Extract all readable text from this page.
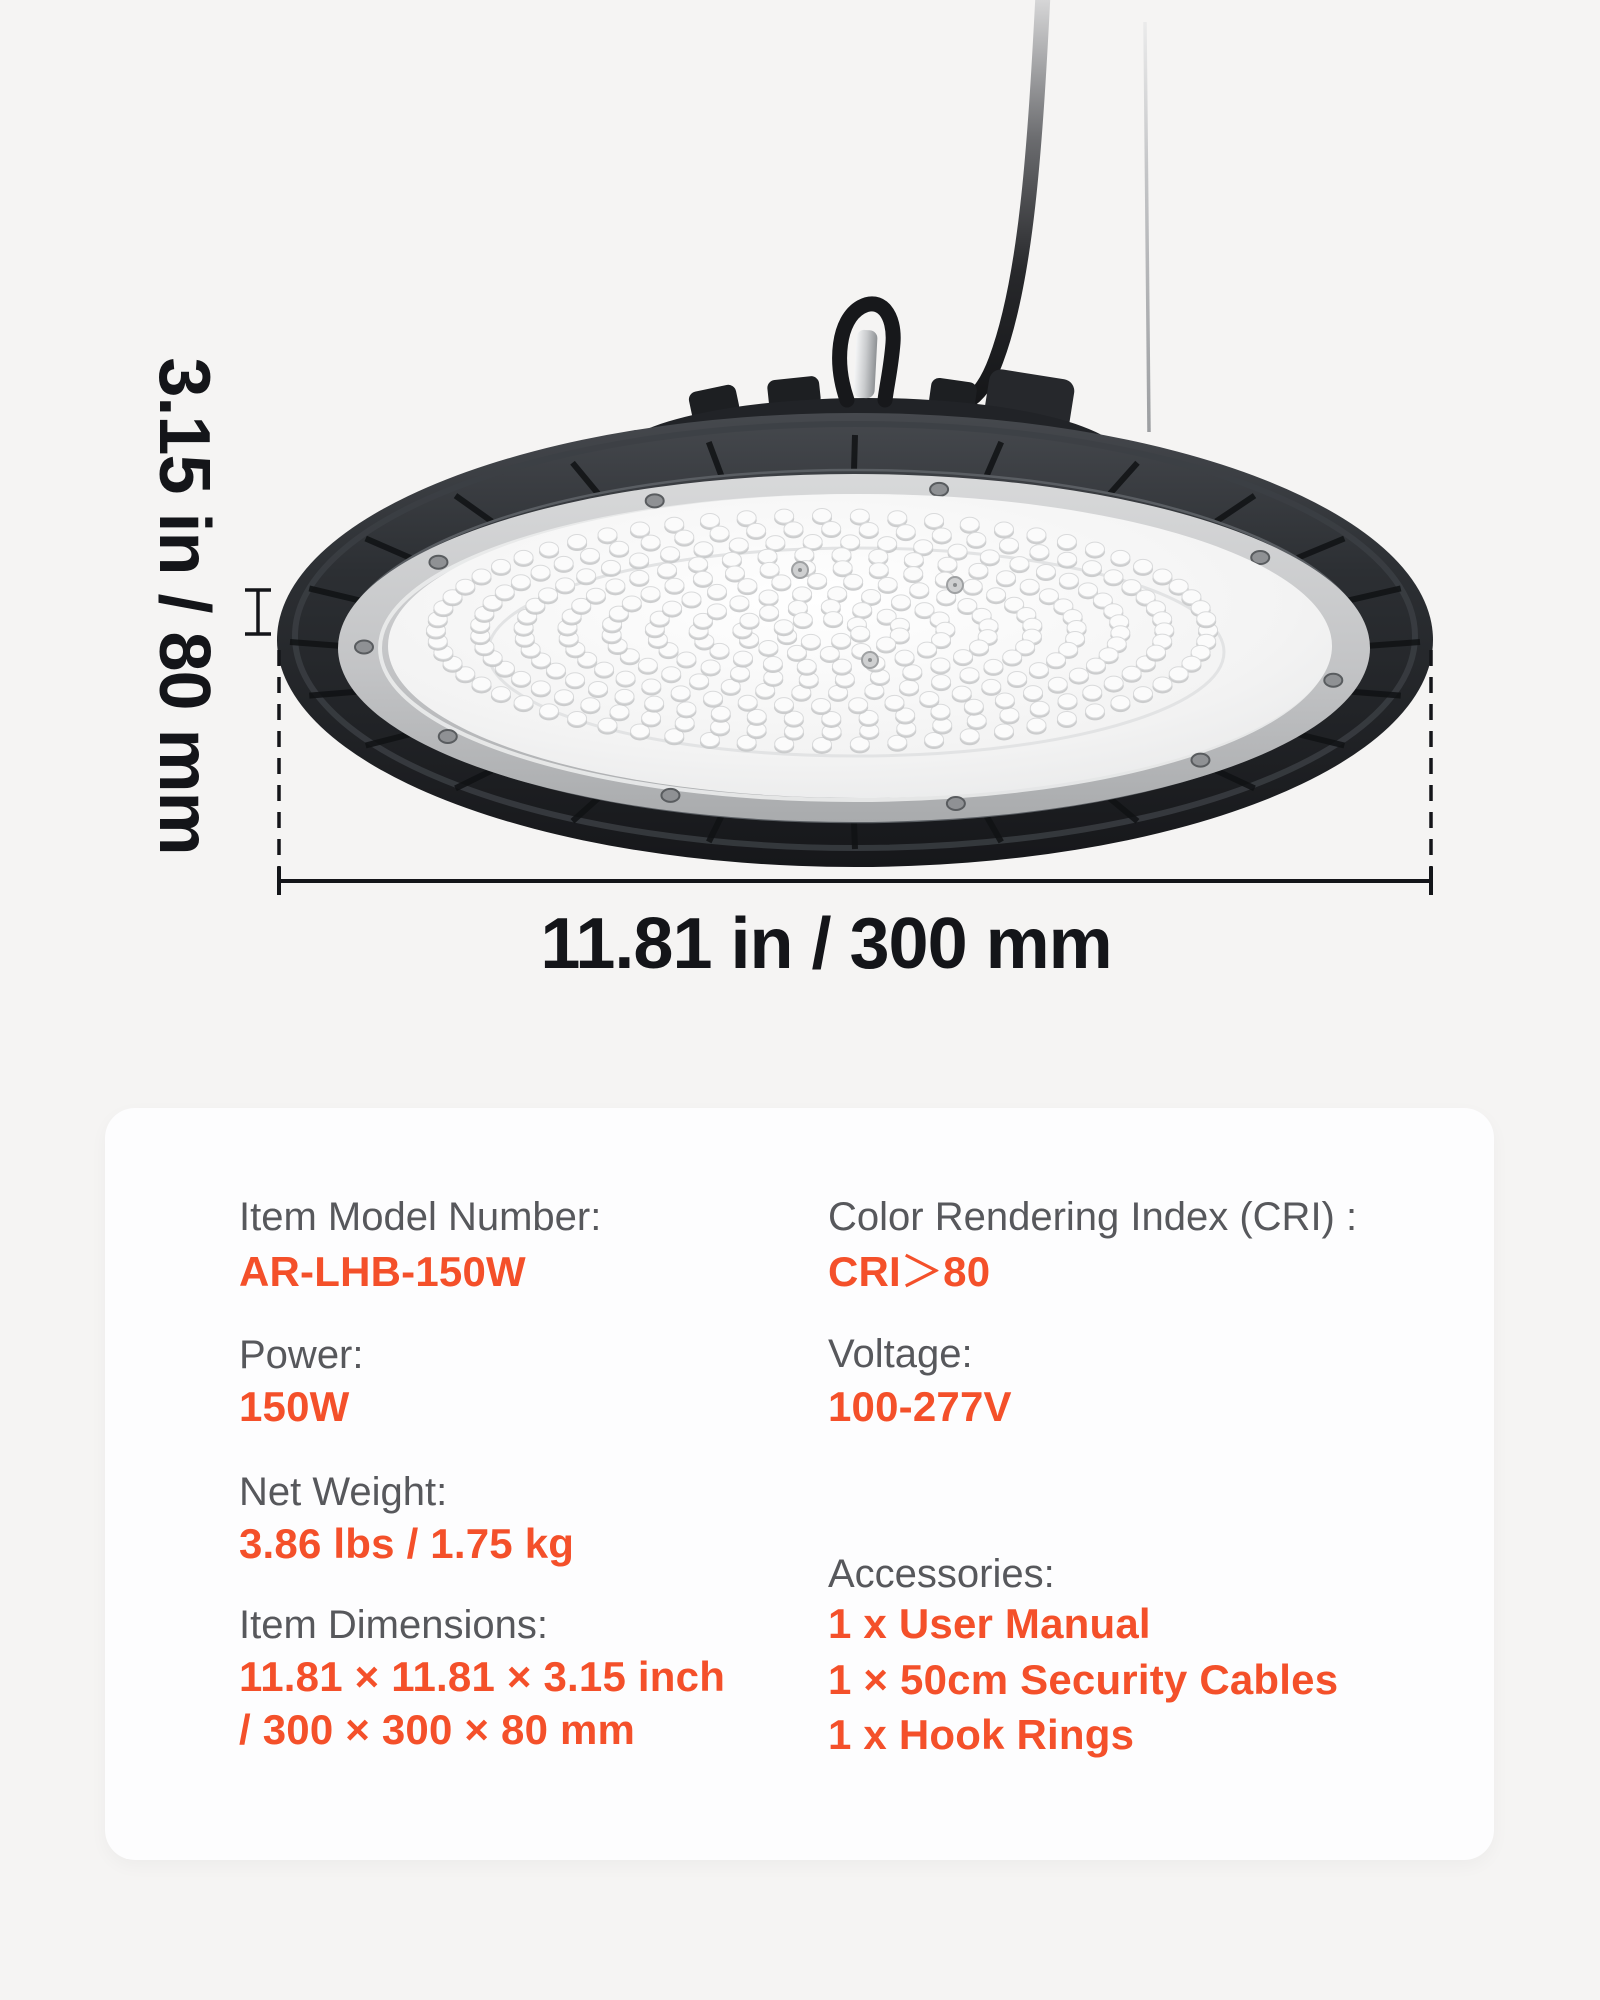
3.15 in / 80 mm
11.81 in / 300 mm
Item Model Number:
AR-LHB-150W
Power:
150W
Net Weight:
3.86 lbs / 1.75 kg
Item Dimensions:
11.81 × 11.81 × 3.15 inch
/ 300 × 300 × 80 mm
Color Rendering Index (CRI) :
CRI＞80
Voltage:
100-277V
Accessories:
1 x User Manual
1 × 50cm Security Cables
1 x Hook Rings
